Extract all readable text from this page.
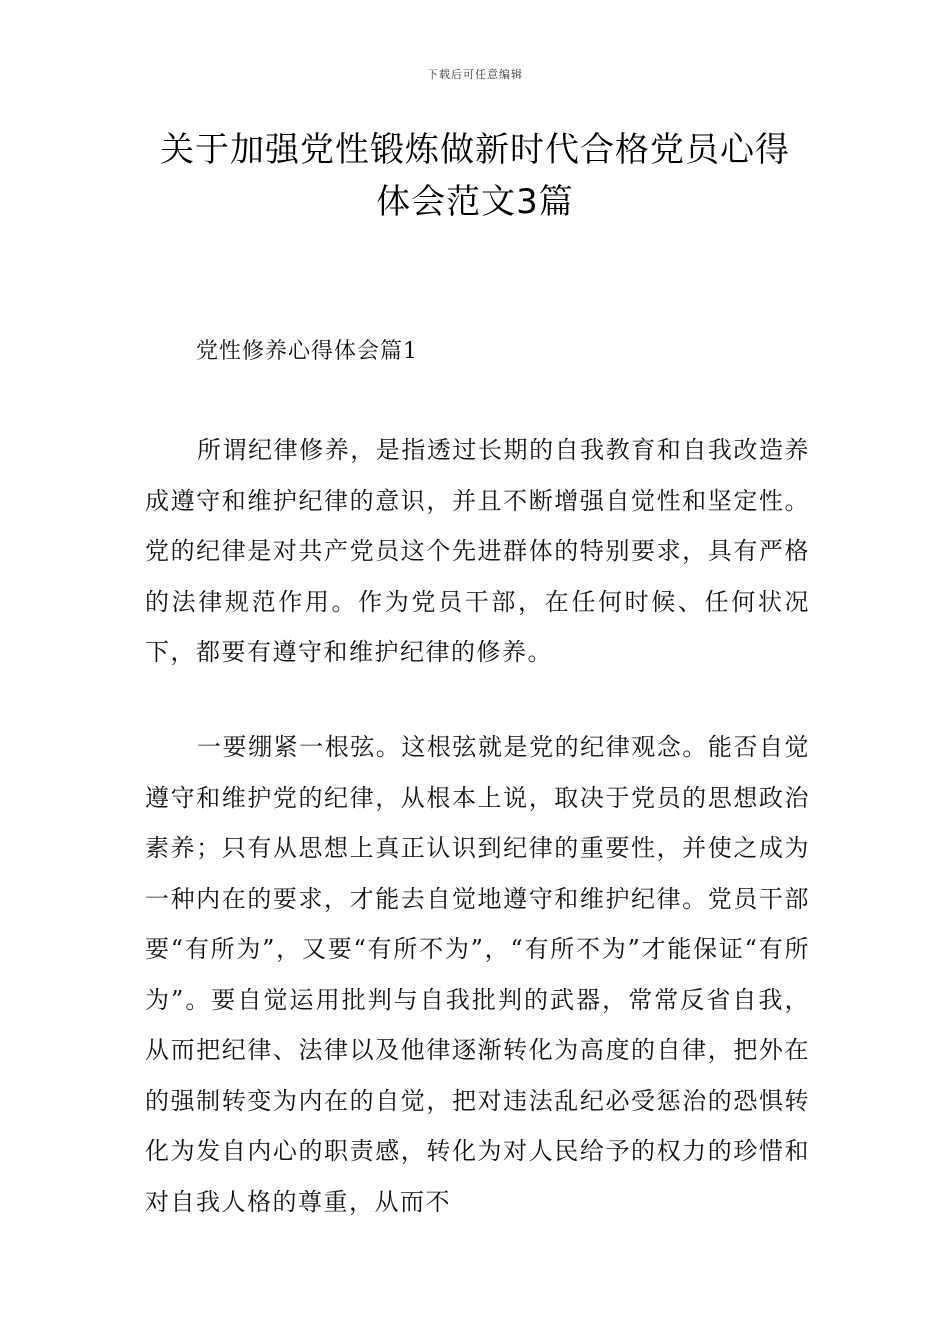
下载后可任意编辑
关于加强党性锻炼做新时代合格党员心得
体会范文3篇
党性修养心得体会篇1

所谓纪律修养，是指透过长期的自我教育和自我改造养成遵守和维护纪律的意识，并且不断增强自觉性和坚定性。党的纪律是对共产党员这个先进群体的特别要求，具有严格的法律规范作用。作为党员干部，在任何时候、任何状况下，都要有遵守和维护纪律的修养。

一要绷紧一根弦。这根弦就是党的纪律观念。能否自觉遵守和维护党的纪律，从根本上说，取决于党员的思想政治素养；只有从思想上真正认识到纪律的重要性，并使之成为一种内在的要求，才能去自觉地遵守和维护纪律。党员干部要“有所为”，又要“有所不为”，“有所不为”才能保证“有所为”。要自觉运用批判与自我批判的武器，常常反省自我，从而把纪律、法律以及他律逐渐转化为高度的自律，把外在的强制转变为内在的自觉，把对违法乱纪必受惩治的恐惧转化为发自内心的职责感，转化为对人民给予的权力的珍惜和对自我人格的尊重，从而不
